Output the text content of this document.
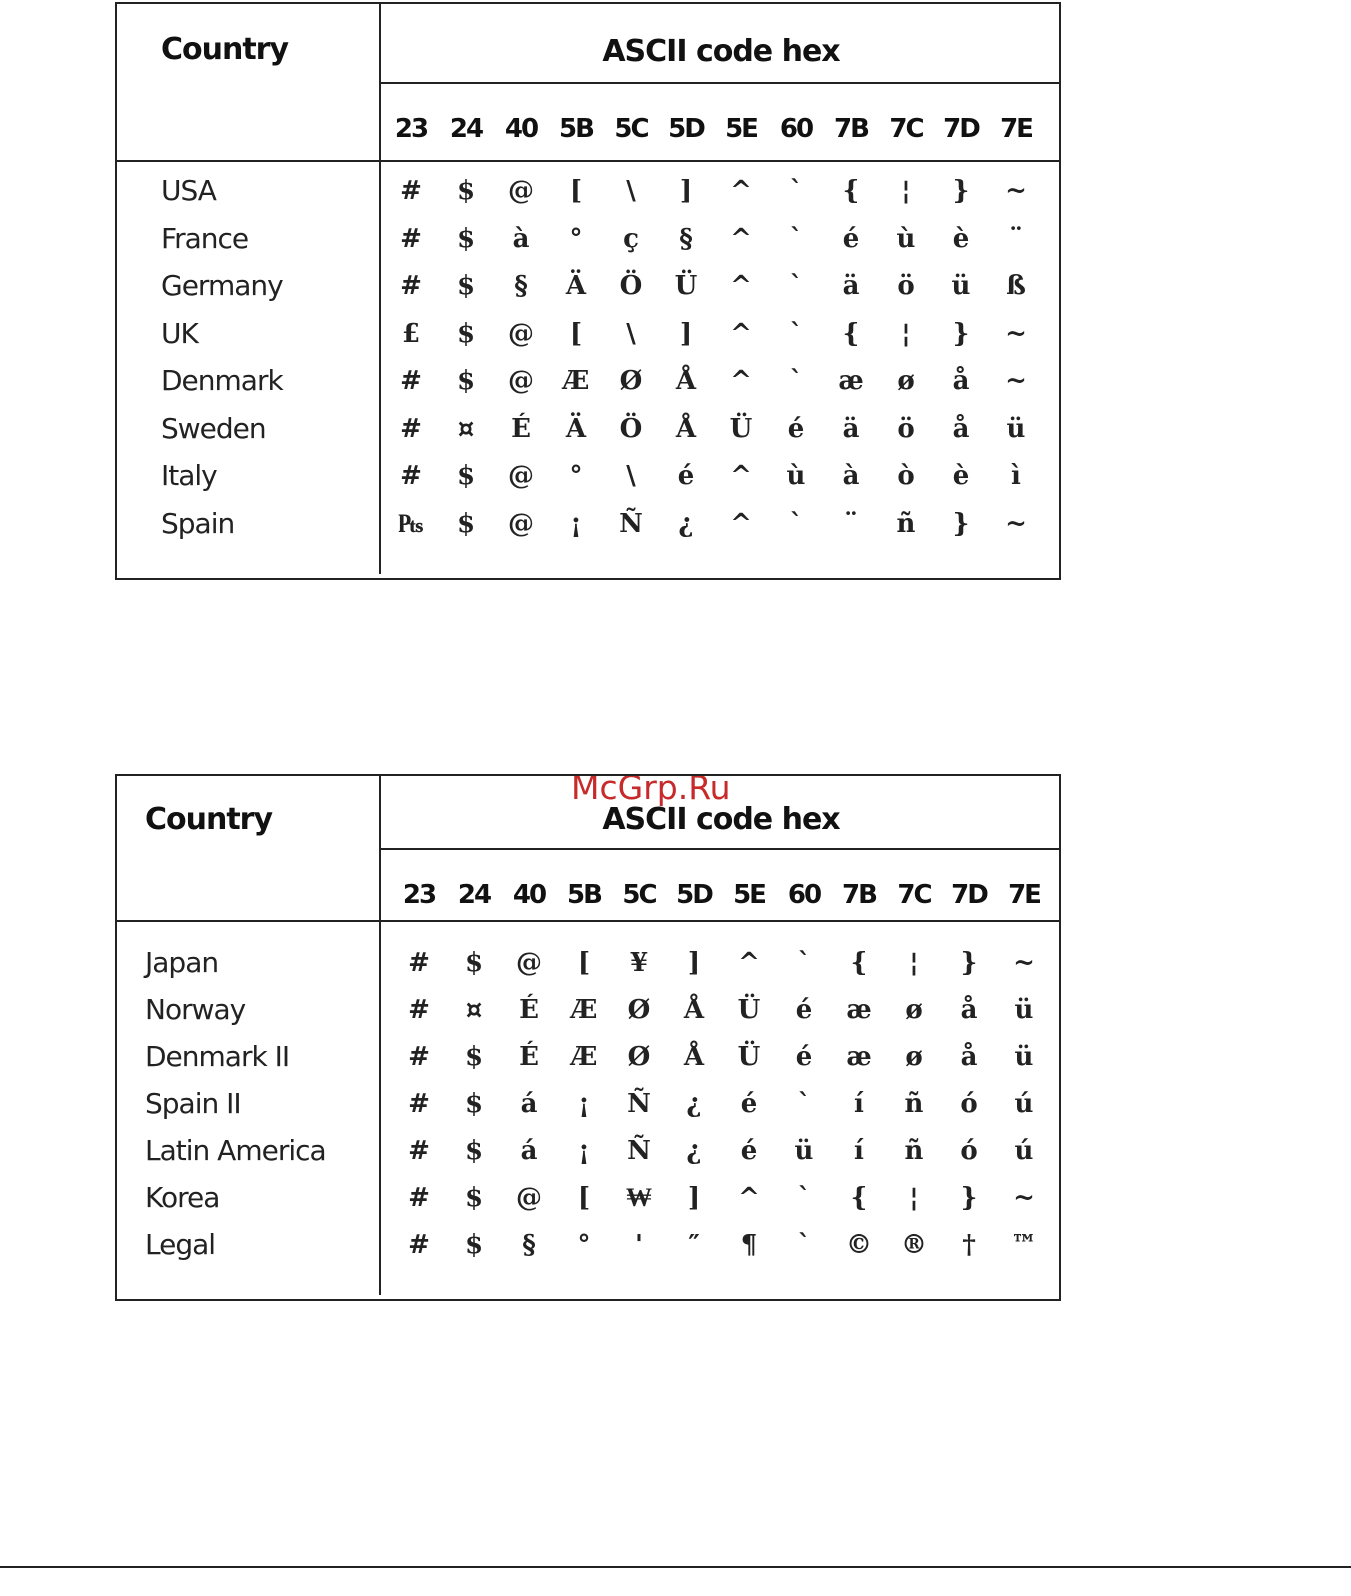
Country	ASCII code hex
23 24 40 5B 5C 5D 5E 60 7B 7C 7D 7E
USA	#	$	@	[	\	]	^	`	{	¦	}	~
France	#	$	à	°	ç	§	^	`	é	ù	è	¨
Germany	#	$	§	Ä	Ö	Ü	^	`	ä	ö	ü	ß
UK	£	$	@	[	\	]	^	`	{	¦	}	~
Denmark	#	$	@	Æ	Ø	Å	^	`	æ	ø	å	~
Sweden	#	¤	É	Ä	Ö	Å	Ü	é	ä	ö	å	ü
Italy	#	$	@	°	\	é	^	ù	à	ò	è	ì
Spain	₧	$	@	¡	Ñ	¿	^	`	¨	ñ	}	~
McGrp.Ru
Country	ASCII code hex
23 24 40 5B 5C 5D 5E 60 7B 7C 7D 7E
Japan	#	$	@	[	¥	]	^	`	{	¦	}	~
Norway	#	¤	É	Æ	Ø	Å	Ü	é	æ	ø	å	ü
Denmark II	#	$	É	Æ	Ø	Å	Ü	é	æ	ø	å	ü
Spain II	#	$	á	¡	Ñ	¿	é	`	í	ñ	ó	ú
Latin America	#	$	á	¡	Ñ	¿	é	ü	í	ñ	ó	ú
Korea	#	$	@	[	₩	]	^	`	{	¦	}	~
Legal	#	$	§	°	'	″	¶	`	©	®	†	™
